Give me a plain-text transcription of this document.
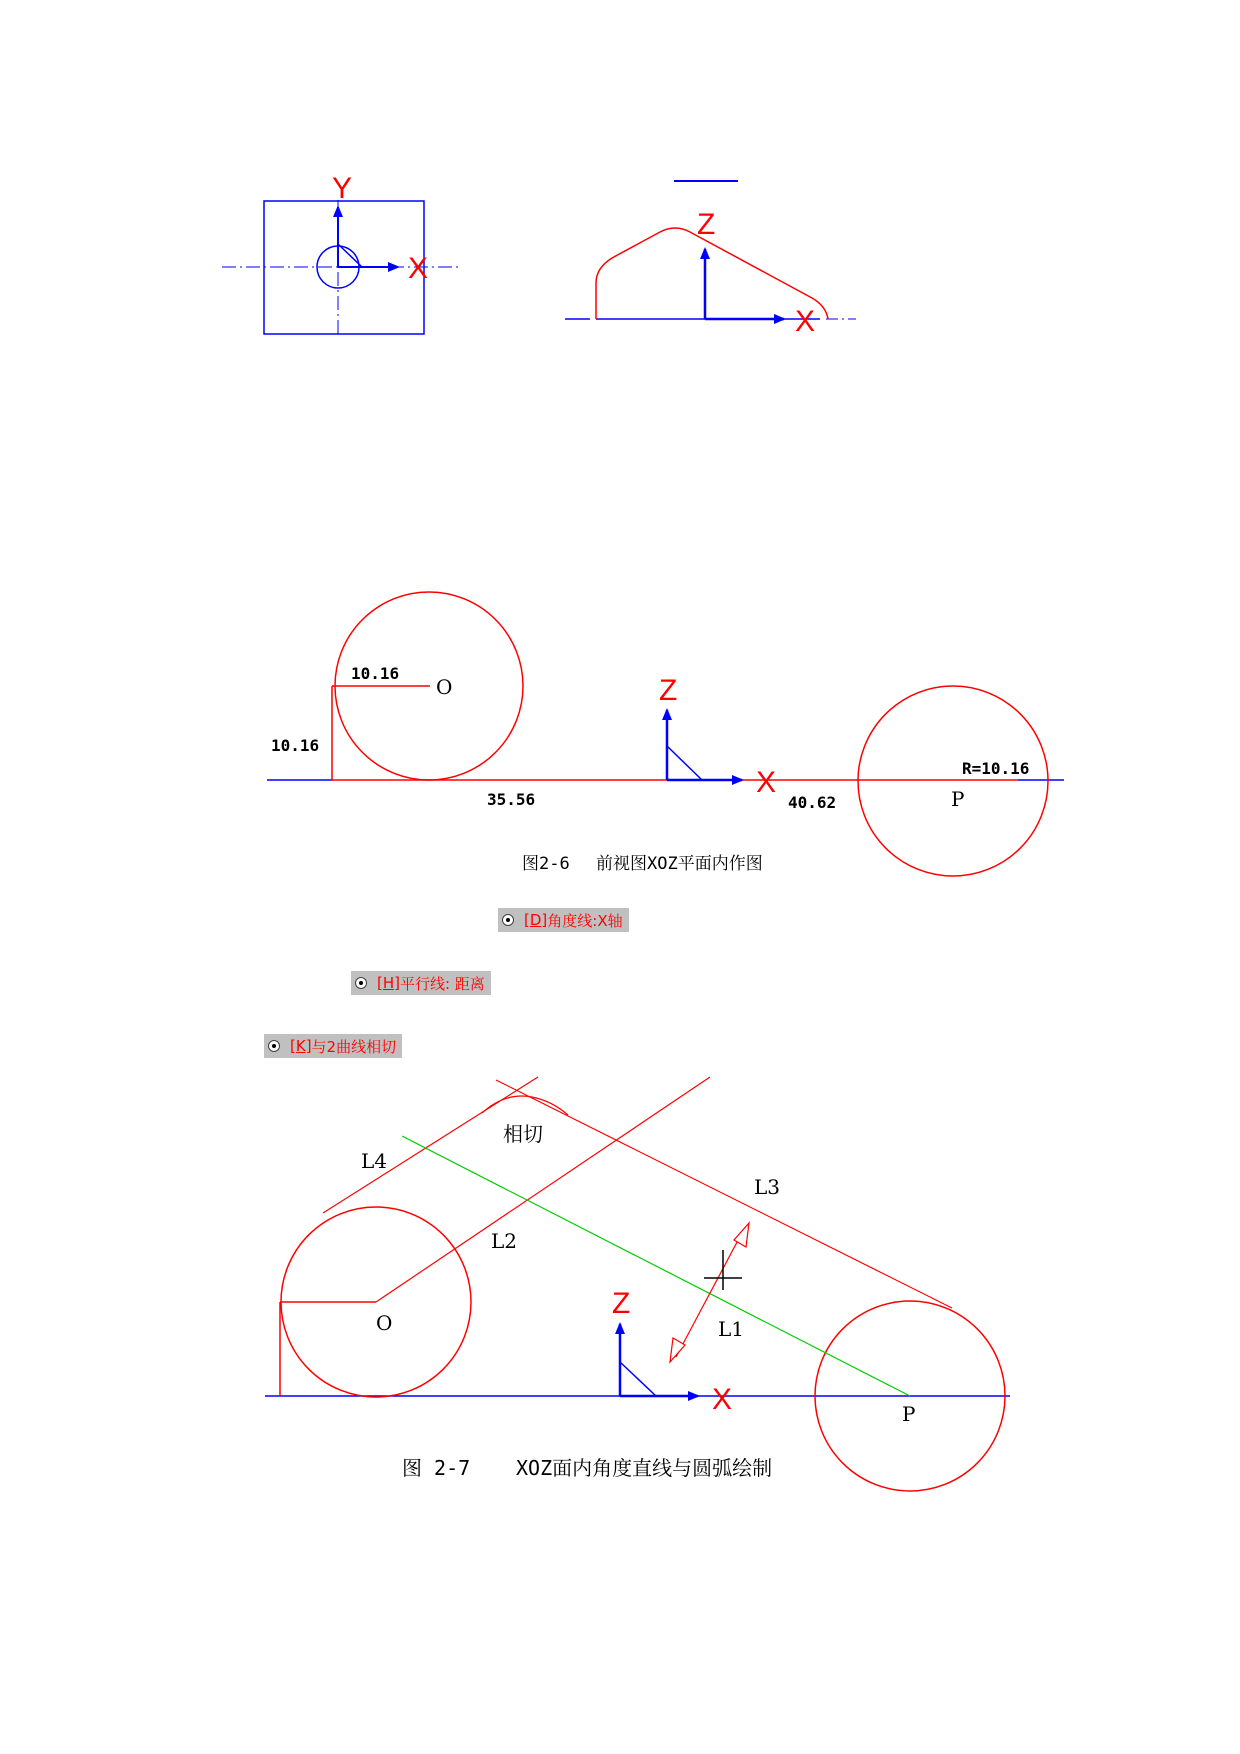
Y
X
Z
X
Z
X
10.16
O
10.16
35.56	40.62
R=10.16
P
图2-6 前视图XOZ平面内作图
Z
X
相切
L4
L3
L2
L1
O
P
图 2-7 XOZ面内角度直线与圆弧绘制
[D] 角度线:X轴
[H] 平行线: 距离
[K] 与2曲线相切
